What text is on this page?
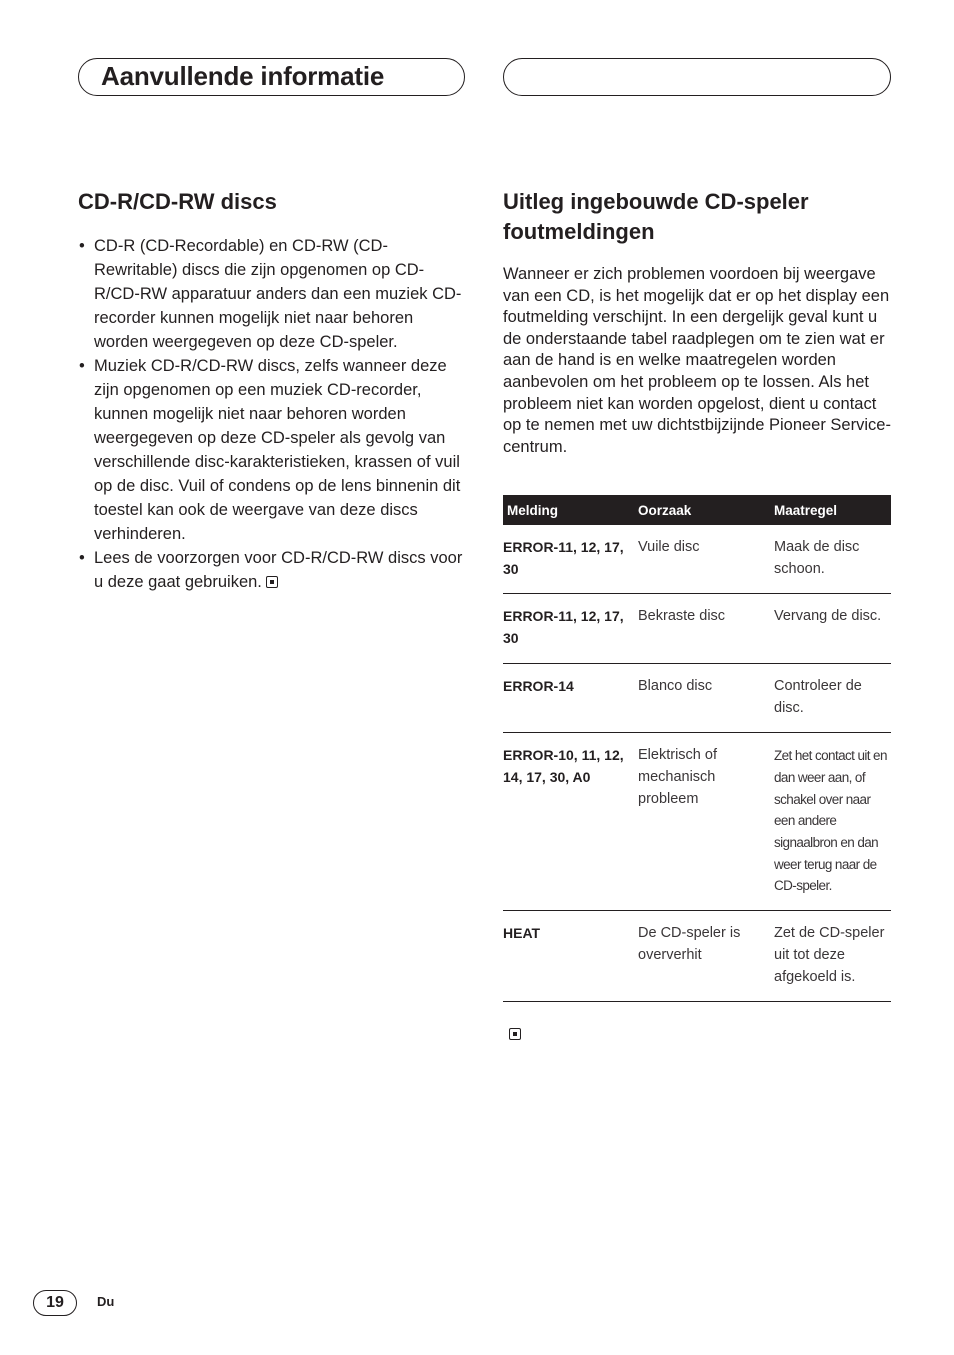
Aanvullende informatie
CD-R/CD-RW discs
• CD-R (CD-Recordable) en CD-RW (CD-Rewritable) discs die zijn opgenomen op CD-R/CD-RW apparatuur anders dan een muziek CD-recorder kunnen mogelijk niet naar behoren worden weergegeven op deze CD-speler.
• Muziek CD-R/CD-RW discs, zelfs wanneer deze zijn opgenomen op een muziek CD-recorder, kunnen mogelijk niet naar behoren worden weergegeven op deze CD-speler als gevolg van verschillende disc-karakteristieken, krassen of vuil op de disc. Vuil of condens op de lens binnenin dit toestel kan ook de weergave van deze discs verhinderen.
• Lees de voorzorgen voor CD-R/CD-RW discs voor u deze gaat gebruiken.
Uitleg ingebouwde CD-speler foutmeldingen

Wanneer er zich problemen voordoen bij weergave van een CD, is het mogelijk dat er op het display een foutmelding verschijnt. In een dergelijk geval kunt u de onderstaande tabel raadplegen om te zien wat er aan de hand is en welke maatregelen worden aanbevolen om het probleem op te lossen. Als het probleem niet kan worden opgelost, dient u contact op te nemen met uw dichtstbijzijnde Pioneer Service-centrum.

Melding	Oorzaak	Maatregel
ERROR-11, 12, 17, 30	Vuile disc	Maak de disc schoon.
ERROR-11, 12, 17, 30	Bekraste disc	Vervang de disc.
ERROR-14	Blanco disc	Controleer de disc.
ERROR-10, 11, 12, 14, 17, 30, A0	Elektrisch of mechanisch probleem	Zet het contact uit en dan weer aan, of schakel over naar een andere signaalbron en dan weer terug naar de CD-speler.
HEAT	De CD-speler is oververhit	Zet de CD-speler uit tot deze afgekoeld is.
19	Du
